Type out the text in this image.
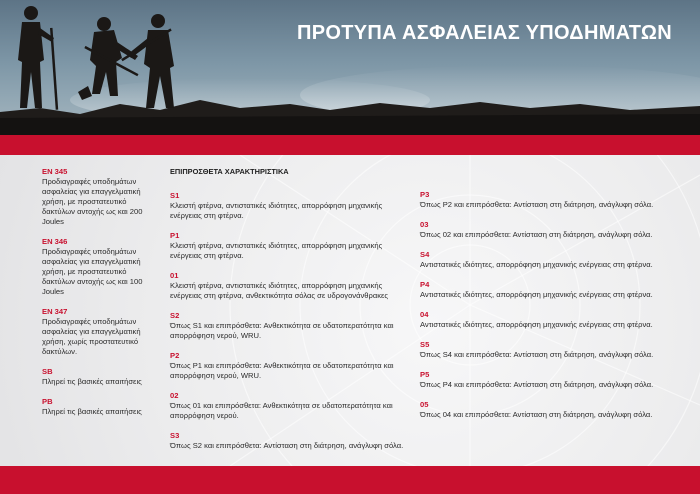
ΠΡΟΤΥΠΑ ΑΣΦΑΛΕΙΑΣ ΥΠΟΔΗΜΑΤΩΝ
EN 345
Προδιαγραφές υποδημάτων ασφαλείας για επαγγελματική χρήση, με προστατευτικό δακτύλων αντοχής ως και 200 Joules
EN 346
Προδιαγραφές υποδημάτων ασφαλείας για επαγγελματική χρήση, με προστατευτικό δακτύλων αντοχής ως και 100 Joules
EN 347
Προδιαγραφές υποδημάτων ασφαλείας για επαγγελματική χρήση, χωρίς προστατευτικό δακτύλων.
SB
Πληρεί τις βασικές απαιτήσεις
PB
Πληρεί τις βασικές απαιτήσεις
ΕΠΙΠΡΟΣΘΕΤΑ ΧΑΡΑΚΤΗΡΙΣΤΙΚΑ
S1
Κλειστή φτέρνα, αντιστατικές ιδιότητες, απορρόφηση μηχανικής ενέργειας στη φτέρνα.
P1
Κλειστή φτέρνα, αντιστατικές ιδιότητες, απορρόφηση μηχανικής ενέργειας στη φτέρνα.
01
Κλειστή φτέρνα, αντιστατικές ιδιότητες, απορρόφηση μηχανικής ενέργειας στη φτέρνα, ανθεκτικότητα σόλας σε υδρογονάνθρακες
S2
Όπως S1 και επιπρόσθετα: Ανθεκτικότητα σε υδατοπερατότητα και απορρόφηση νερού, WRU.
P2
Όπως P1 και επιπρόσθετα: Ανθεκτικότητα σε υδατοπερατότητα και απορρόφηση νερού, WRU.
02
Όπως 01 και επιπρόσθετα: Ανθεκτικότητα σε υδατοπερατότητα και απορρόφηση νερού.
S3
Όπως S2 και επιπρόσθετα: Αντίσταση στη διάτρηση, ανάγλυφη σόλα.
P3
Όπως P2 και επιπρόσθετα: Αντίσταση στη διάτρηση, ανάγλυφη σόλα.
03
Όπως 02 και επιπρόσθετα: Αντίσταση στη διάτρηση, ανάγλυφη σόλα.
S4
Αντιστατικές ιδιότητες, απορρόφηση μηχανικής ενέργειας στη φτέρνα.
P4
Αντιστατικές ιδιότητες, απορρόφηση μηχανικής ενέργειας στη φτέρνα.
04
Αντιστατικές ιδιότητες, απορρόφηση μηχανικής ενέργειας στη φτέρνα.
S5
Όπως S4 και επιπρόσθετα: Αντίσταση στη διάτρηση, ανάγλυφη σόλα.
P5
Όπως P4 και επιπρόσθετα: Αντίσταση στη διάτρηση, ανάγλυφη σόλα.
05
Όπως 04 και επιπρόσθετα: Αντίσταση στη διάτρηση, ανάγλυφη σόλα.
